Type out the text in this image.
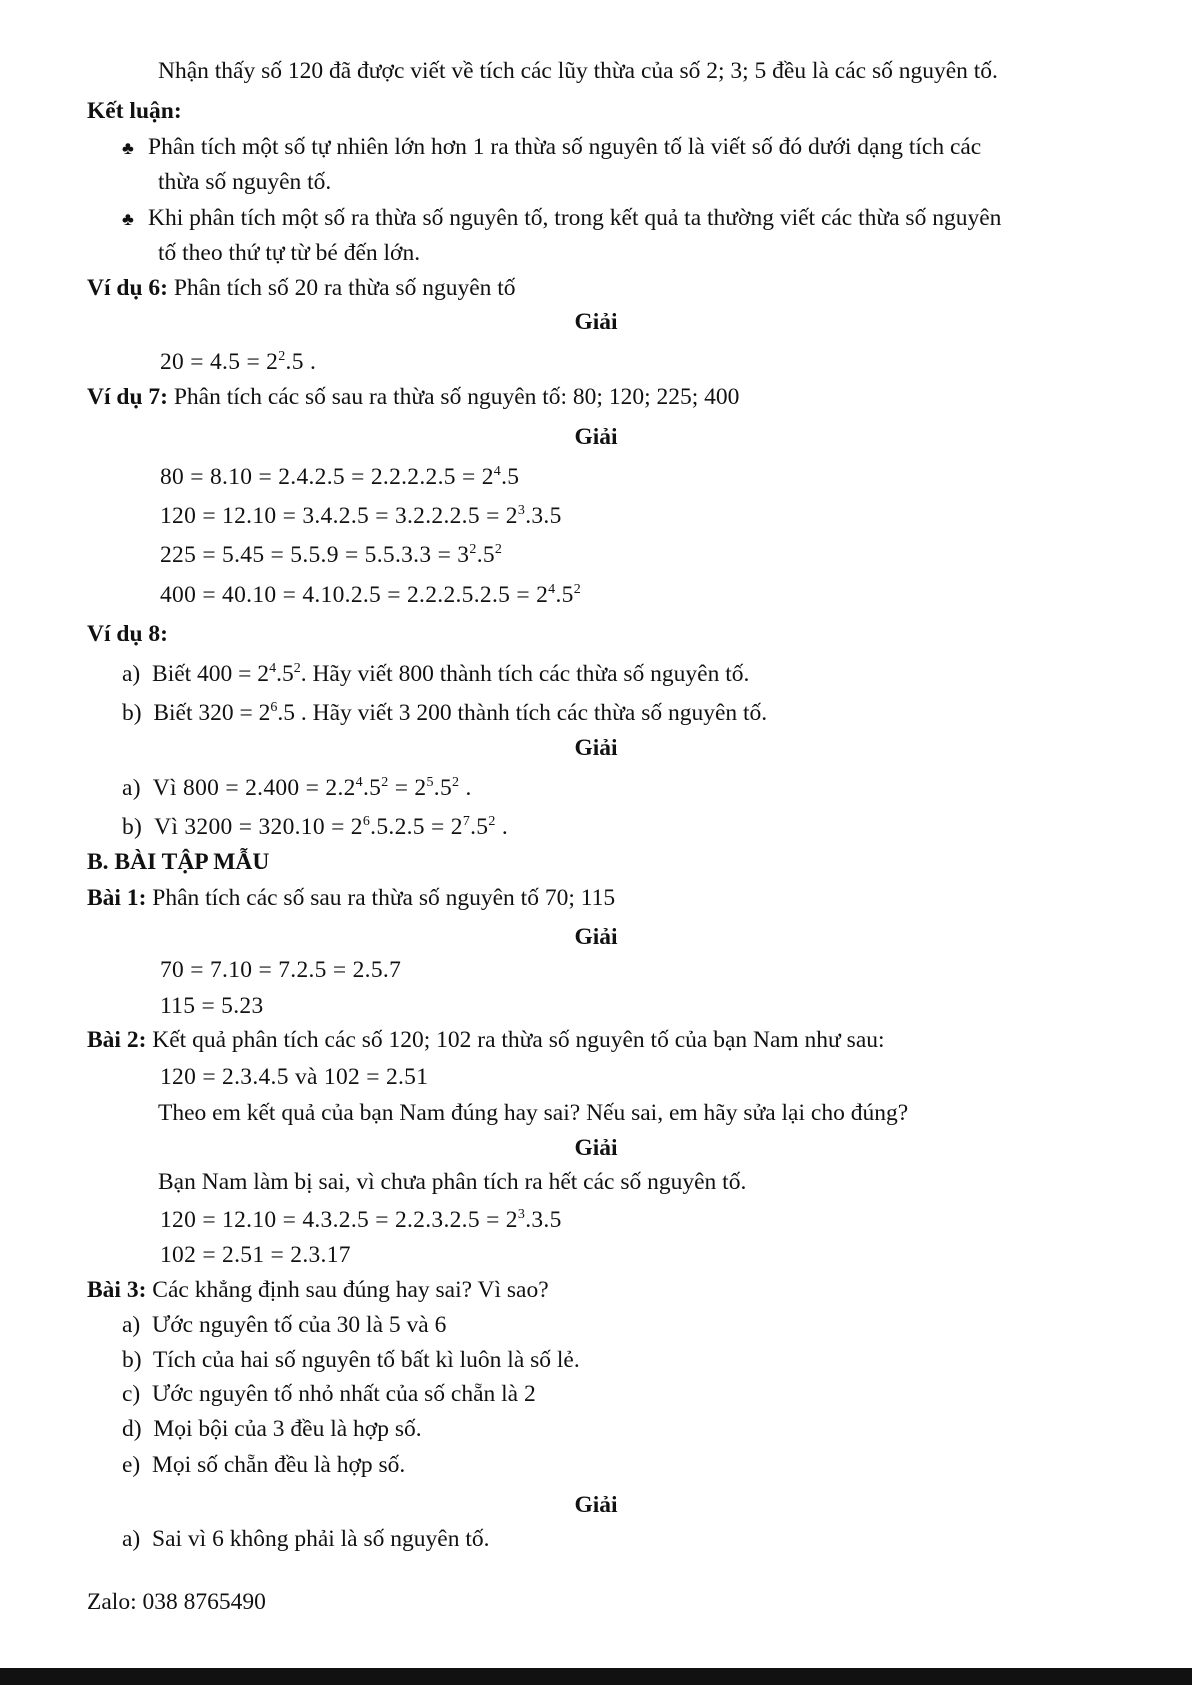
Nhận thấy số 120 đã được viết về tích các lũy thừa của số 2; 3; 5 đều là các số nguyên tố.
Kết luận:
♣ Phân tích một số tự nhiên lớn hơn 1 ra thừa số nguyên tố là viết số đó dưới dạng tích các
thừa số nguyên tố.
♣ Khi phân tích một số ra thừa số nguyên tố, trong kết quả ta thường viết các thừa số nguyên
tố theo thứ tự từ bé đến lớn.
Ví dụ 6: Phân tích số 20 ra thừa số nguyên tố
Giải
$20 = 4.5 = 2^2.5$ .
Ví dụ 7: Phân tích các số sau ra thừa số nguyên tố: 80; 120; 225; 400
Giải
$80 = 8.10 = 2.4.2.5 = 2.2.2.2.5 = 2^4.5$
$120 = 12.10 = 3.4.2.5 = 3.2.2.2.5 = 2^3.3.5$
$225 = 5.45 = 5.5.9 = 5.5.3.3 = 3^2.5^2$
$400 = 40.10 = 4.10.2.5 = 2.2.2.5.2.5 = 2^4.5^2$
Ví dụ 8:
a) Biết $400 = 2^4.5^2$. Hãy viết 800 thành tích các thừa số nguyên tố.
b) Biết $320 = 2^6.5$ . Hãy viết 3 200 thành tích các thừa số nguyên tố.
Giải
a)  Vì $800 = 2.400 = 2.2^4.5^2 = 2^5.5^2$ .
b)  Vì $3200 = 320.10 = 2^6.5.2.5 = 2^7.5^2$ .
B. BÀI TẬP MẪU
Bài 1: Phân tích các số sau ra thừa số nguyên tố 70; 115
Giải
70 = 7.10 = 7.2.5 = 2.5.7
115 = 5.23
Bài 2: Kết quả phân tích các số 120; 102 ra thừa số nguyên tố của bạn Nam như sau:
120 = 2.3.4.5 và 102 = 2.51
Theo em kết quả của bạn Nam đúng hay sai? Nếu sai, em hãy sửa lại cho đúng?
Giải
Bạn Nam làm bị sai, vì chưa phân tích ra hết các số nguyên tố.
$120 = 12.10 = 4.3.2.5 = 2.2.3.2.5 = 2^3.3.5$
102 = 2.51 = 2.3.17
Bài 3: Các khẳng định sau đúng hay sai? Vì sao?
a) Ước nguyên tố của 30 là 5 và 6
b) Tích của hai số nguyên tố bất kì luôn là số lẻ.
c) Ước nguyên tố nhỏ nhất của số chẵn là 2
d) Mọi bội của 3 đều là hợp số.
e) Mọi số chẵn đều là hợp số.
Giải
a) Sai vì 6 không phải là số nguyên tố.
Zalo: 038 8765490
